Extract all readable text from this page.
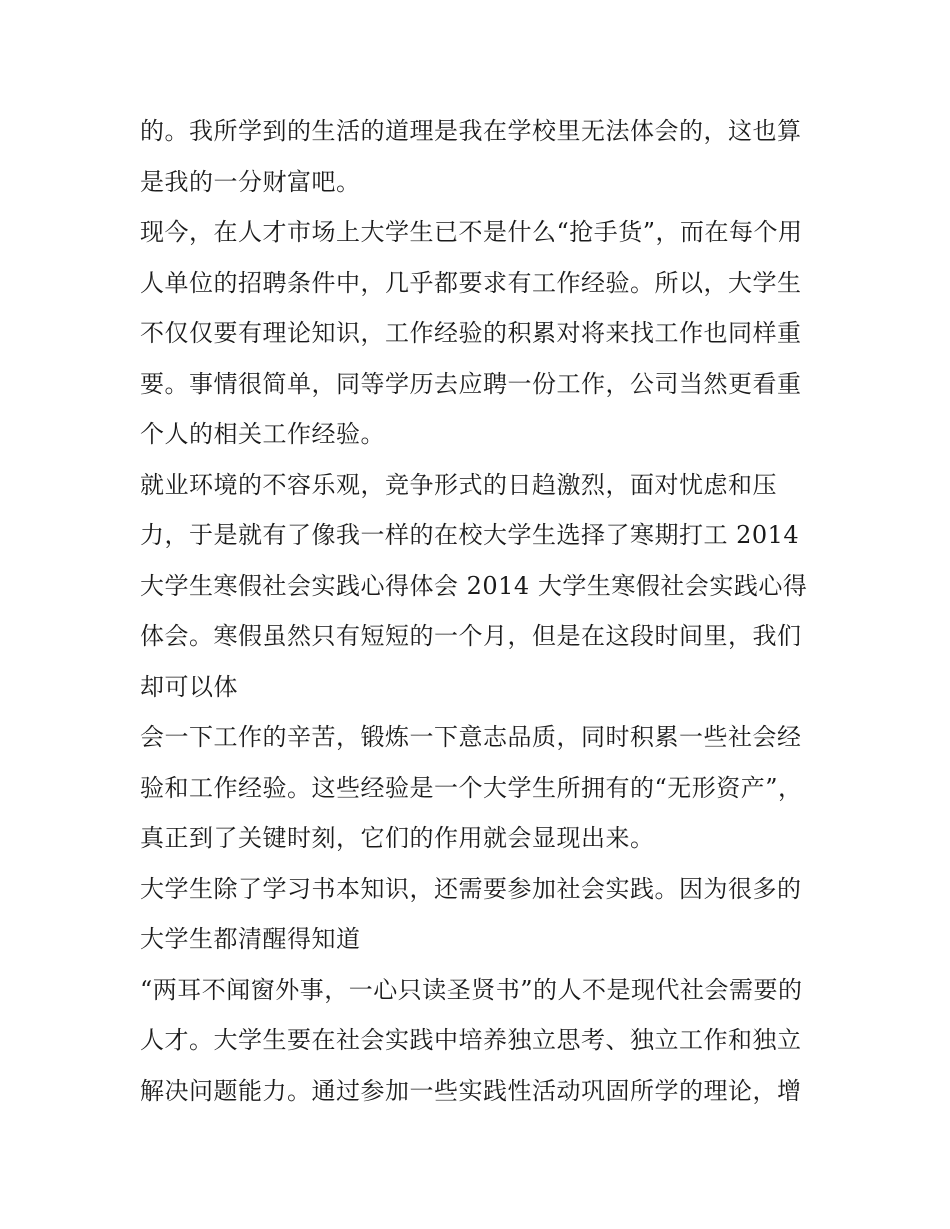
的。我所学到的生活的道理是我在学校里无法体会的，这也算
是我的一分财富吧。
现今，在人才市场上大学生已不是什么“抢手货”，而在每个用
人单位的招聘条件中，几乎都要求有工作经验。所以，大学生
不仅仅要有理论知识，工作经验的积累对将来找工作也同样重
要。事情很简单，同等学历去应聘一份工作，公司当然更看重
个人的相关工作经验。
就业环境的不容乐观，竞争形式的日趋激烈，面对忧虑和压
力，于是就有了像我一样的在校大学生选择了寒期打工 2014
大学生寒假社会实践心得体会 2014 大学生寒假社会实践心得
体会。寒假虽然只有短短的一个月，但是在这段时间里，我们
却可以体
会一下工作的辛苦，锻炼一下意志品质，同时积累一些社会经
验和工作经验。这些经验是一个大学生所拥有的“无形资产”，
真正到了关键时刻，它们的作用就会显现出来。
大学生除了学习书本知识，还需要参加社会实践。因为很多的
大学生都清醒得知道
“两耳不闻窗外事，一心只读圣贤书”的人不是现代社会需要的
人才。大学生要在社会实践中培养独立思考、独立工作和独立
解决问题能力。通过参加一些实践性活动巩固所学的理论，增
